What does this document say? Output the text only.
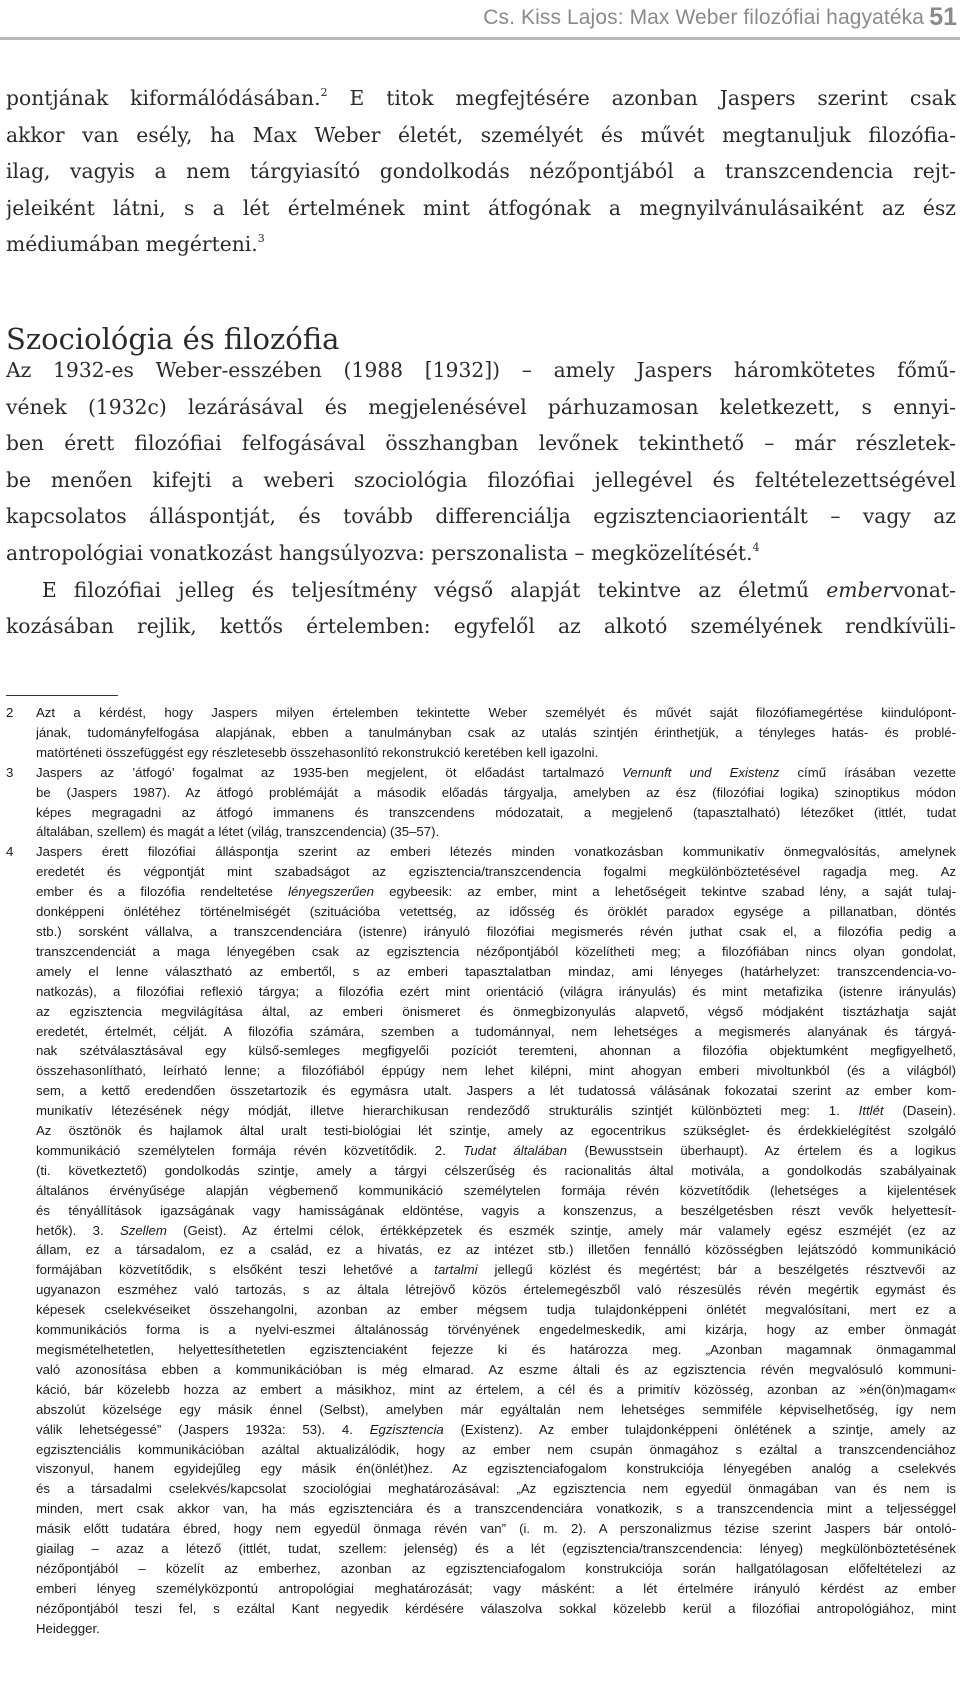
Cs. Kiss Lajos: Max Weber filozófiai hagyatéka 51
pontjának kiformálódásában.$^2$ E titok megfejtésére azonban Jaspers szerint csak
akkor van esély, ha Max Weber életét, személyét és művét megtanuljuk filozófia-
ilag, vagyis a nem tárgyiasító gondolkodás nézőpontjából a transzcendencia rejt-
jeleiként látni, s a lét értelmének mint átfogónak a megnyilvánulásaiként az ész
médiumában megérteni.$^3$
Szociológia és filozófia
Az 1932-es Weber-esszében (1988 [1932]) – amely Jaspers háromkötetes főmű-
vének (1932c) lezárásával és megjelenésével párhuzamosan keletkezett, s ennyi-
ben érett filozófiai felfogásával összhangban levőnek tekinthető – már részletek-
be menően kifejti a weberi szociológia filozófiai jellegével és feltételezettségével
kapcsolatos álláspontját, és tovább differenciálja egzisztenciaorientált – vagy az
antropológiai vonatkozást hangsúlyozva: perszonalista – megközelítését.$^4$
E filozófiai jelleg és teljesítmény végső alapját tekintve az életmű embervonat-
kozásában rejlik, kettős értelemben: egyfelől az alkotó személyének rendkívüli-
2	Azt a kérdést, hogy Jaspers milyen értelemben tekintette Weber személyét és művét saját filozófiamegértése kiindulópont-
jának, tudományfelfogása alapjának, ebben a tanulmányban csak az utalás szintjén érinthetjük, a tényleges hatás- és problé-
matörténeti összefüggést egy részletesebb összehasonlító rekonstrukció keretében kell igazolni.
3	Jaspers az ’átfogó’ fogalmat az 1935-ben megjelent, öt előadást tartalmazó Vernunft und Existenz című írásában vezette
be (Jaspers 1987). Az átfogó problémáját a második előadás tárgyalja, amelyben az ész (filozófiai logika) szinoptikus módon
képes megragadni az átfogó immanens és transzcendens módozatait, a megjelenő (tapasztalható) létezőket (ittlét, tudat
általában, szellem) és magát a létet (világ, transzcendencia) (35–57).
4	Jaspers érett filozófiai álláspontja szerint az emberi létezés minden vonatkozásban kommunikatív önmegvalósítás, amelynek
eredetét és végpontját mint szabadságot az egzisztencia/transzcendencia fogalmi megkülönböztetésével ragadja meg. Az
ember és a filozófia rendeltetése lényegszerűen egybeesik: az ember, mint a lehetőségeit tekintve szabad lény, a saját tulaj-
donképpeni önlétéhez történelmiségét (szituációba vetettség, az idősség és öröklét paradox egysége a pillanatban, döntés
stb.) sorsként vállalva, a transzcendenciára (istenre) irányuló filozófiai megismerés révén juthat csak el, a filozófia pedig a
transzcendenciát a maga lényegében csak az egzisztencia nézőpontjából közelítheti meg; a filozófiában nincs olyan gondolat,
amely el lenne választható az embertől, s az emberi tapasztalatban mindaz, ami lényeges (határhelyzet: transzcendencia-vo-
natkozás), a filozófiai reflexió tárgya; a filozófia ezért mint orientáció (világra irányulás) és mint metafizika (istenre irányulás)
az egzisztencia megvilágítása által, az emberi önismeret és önmegbizonyulás alapvető, végső módjaként tisztázhatja saját
eredetét, értelmét, célját. A filozófia számára, szemben a tudománnyal, nem lehetséges a megismerés alanyának és tárgyá-
nak szétválasztásával egy külső-semleges megfigyelői pozíciót teremteni, ahonnan a filozófia objektumként megfigyelhető,
összehasonlítható, leírható lenne; a filozófiából éppúgy nem lehet kilépni, mint ahogyan emberi mivoltunkból (és a világból)
sem, a kettő eredendően összetartozik és egymásra utalt. Jaspers a lét tudatossá válásának fokozatai szerint az ember kom-
munikatív létezésének négy módját, illetve hierarchikusan rendeződő strukturális szintjét különbözteti meg: 1. Ittlét (Dasein).
Az ösztönök és hajlamok által uralt testi-biológiai lét szintje, amely az egocentrikus szükséglet- és érdekkielégítést szolgáló
kommunikáció személytelen formája révén közvetítődik. 2. Tudat általában (Bewusstsein überhaupt). Az értelem és a logikus
(ti. következtető) gondolkodás szintje, amely a tárgyi célszerűség és racionalitás által motivála, a gondolkodás szabályainak
általános érvényűsége alapján végbemenő kommunikáció személytelen formája révén közvetítődik (lehetséges a kijelentések
és tényállítások igazságának vagy hamisságának eldöntése, vagyis a konszenzus, a beszélgetésben részt vevők helyettesít-
hetők). 3. Szellem (Geist). Az értelmi célok, értékképzetek és eszmék szintje, amely már valamely egész eszméjét (ez az
állam, ez a társadalom, ez a család, ez a hivatás, ez az intézet stb.) illetően fennálló közösségben lejátszódó kommunikáció
formájában közvetítődik, s elsőként teszi lehetővé a tartalmi jellegű közlést és megértést; bár a beszélgetés résztvevői az
ugyanazon eszméhez való tartozás, s az általa létrejövő közös értelemegészből való részesülés révén megértik egymást és
képesek cselekvéseiket összehangolni, azonban az ember mégsem tudja tulajdonképpeni önlétét megvalósítani, mert ez a
kommunikációs forma is a nyelvi-eszmei általánosság törvényének engedelmeskedik, ami kizárja, hogy az ember önmagát
megismételhetetlen, helyettesíthetetlen egzisztenciaként fejezze ki és határozza meg. „Azonban magamnak önmagammal
való azonosítása ebben a kommunikációban is még elmarad. Az eszme általi és az egzisztencia révén megvalósuló kommuni-
káció, bár közelebb hozza az embert a másikhoz, mint az értelem, a cél és a primitív közösség, azonban az »én(ön)magam«
abszolút közelsége egy másik énnel (Selbst), amelyben már egyáltalán nem lehetséges semmiféle képviselhetőség, így nem
válik lehetségessé” (Jaspers 1932a: 53). 4. Egzisztencia (Existenz). Az ember tulajdonképpeni önlétének a szintje, amely az
egzisztenciális kommunikációban azáltal aktualizálódik, hogy az ember nem csupán önmagához s ezáltal a transzcendenciához
viszonyul, hanem egyidejűleg egy másik én(önlét)hez. Az egzisztenciafogalom konstrukciója lényegében analóg a cselekvés
és a társadalmi cselekvés/kapcsolat szociológiai meghatározásával: „Az egzisztencia nem egyedül önmagában van és nem is
minden, mert csak akkor van, ha más egzisztenciára és a transzcendenciára vonatkozik, s a transzcendencia mint a teljességgel
másik előtt tudatára ébred, hogy nem egyedül önmaga révén van” (i. m. 2). A perszonalizmus tézise szerint Jaspers bár ontoló-
giailag – azaz a létező (ittlét, tudat, szellem: jelenség) és a lét (egzisztencia/transzcendencia: lényeg) megkülönböztetésének
nézőpontjából – közelít az emberhez, azonban az egzisztenciafogalom konstrukciója során hallgatólagosan előfeltételezi az
emberi lényeg személyközpontú antropológiai meghatározását; vagy másként: a lét értelmére irányuló kérdést az ember
nézőpontjából teszi fel, s ezáltal Kant negyedik kérdésére válaszolva sokkal közelebb kerül a filozófiai antropológiához, mint
Heidegger.
